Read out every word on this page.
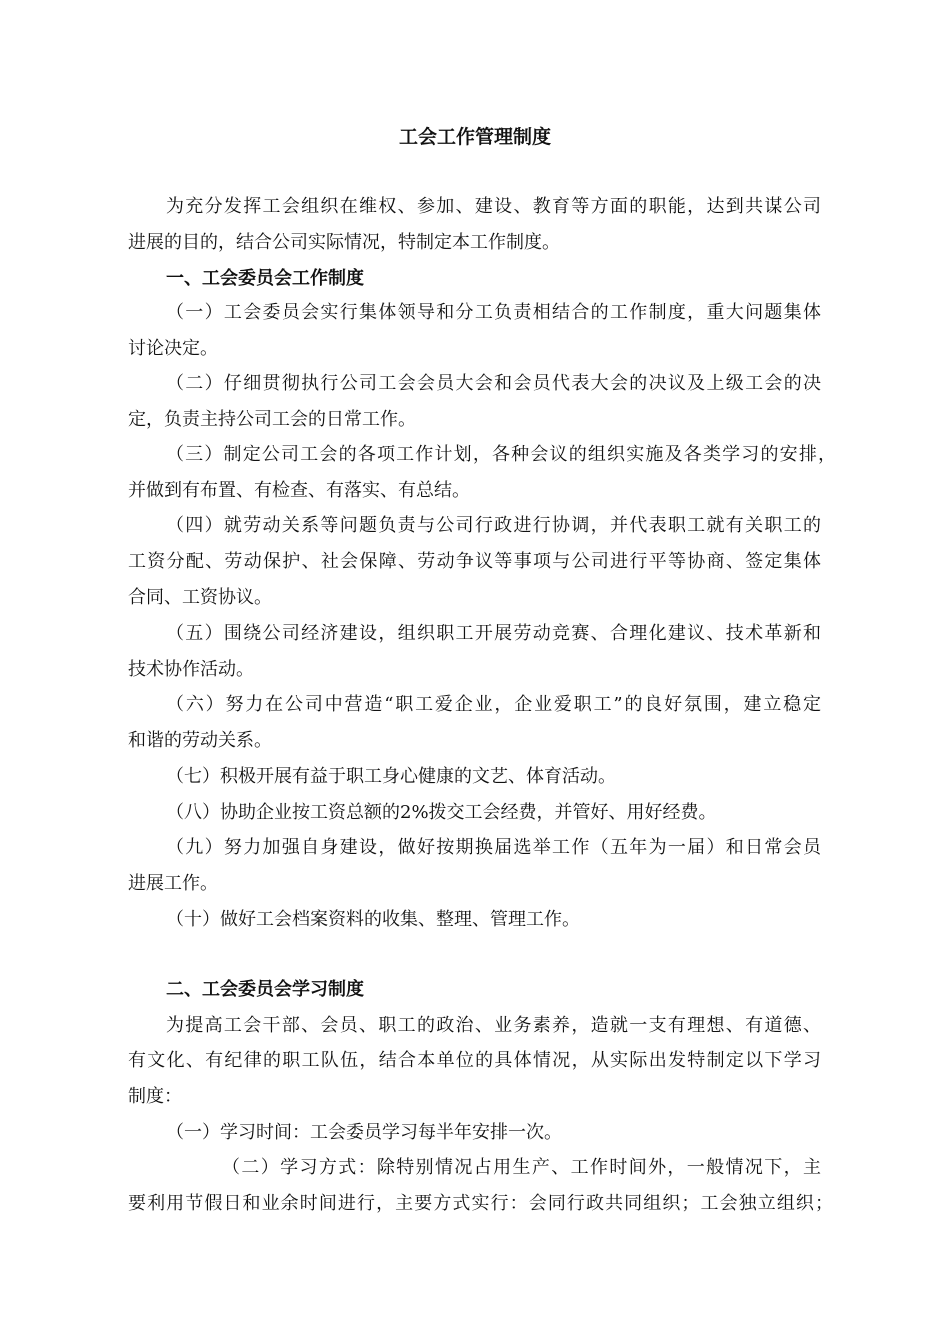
工会工作管理制度
为充分发挥工会组织在维权、参加、建设、教育等方面的职能，达到共谋公司
进展的目的，结合公司实际情况，特制定本工作制度。
一、工会委员会工作制度
（一）工会委员会实行集体领导和分工负责相结合的工作制度，重大问题集体
讨论决定。
（二）仔细贯彻执行公司工会会员大会和会员代表大会的决议及上级工会的决
定，负责主持公司工会的日常工作。
（三）制定公司工会的各项工作计划，各种会议的组织实施及各类学习的安排，
并做到有布置、有检查、有落实、有总结。
（四）就劳动关系等问题负责与公司行政进行协调，并代表职工就有关职工的
工资分配、劳动保护、社会保障、劳动争议等事项与公司进行平等协商、签定集体
合同、工资协议。
（五）围绕公司经济建设，组织职工开展劳动竞赛、合理化建议、技术革新和
技术协作活动。
（六）努力在公司中营造“职工爱企业，企业爱职工”的良好氛围，建立稳定
和谐的劳动关系。
（七）积极开展有益于职工身心健康的文艺、体育活动。
（八）协助企业按工资总额的2%拨交工会经费，并管好、用好经费。
（九）努力加强自身建设，做好按期换届选举工作（五年为一届）和日常会员
进展工作。
（十）做好工会档案资料的收集、整理、管理工作。
二、工会委员会学习制度
为提高工会干部、会员、职工的政治、业务素养，造就一支有理想、有道德、
有文化、有纪律的职工队伍，结合本单位的具体情况，从实际出发特制定以下学习
制度：
（一）学习时间：工会委员学习每半年安排一次。
（二）学习方式：除特别情况占用生产、工作时间外，一般情况下，主
要利用节假日和业余时间进行，主要方式实行：会同行政共同组织；工会独立组织；
